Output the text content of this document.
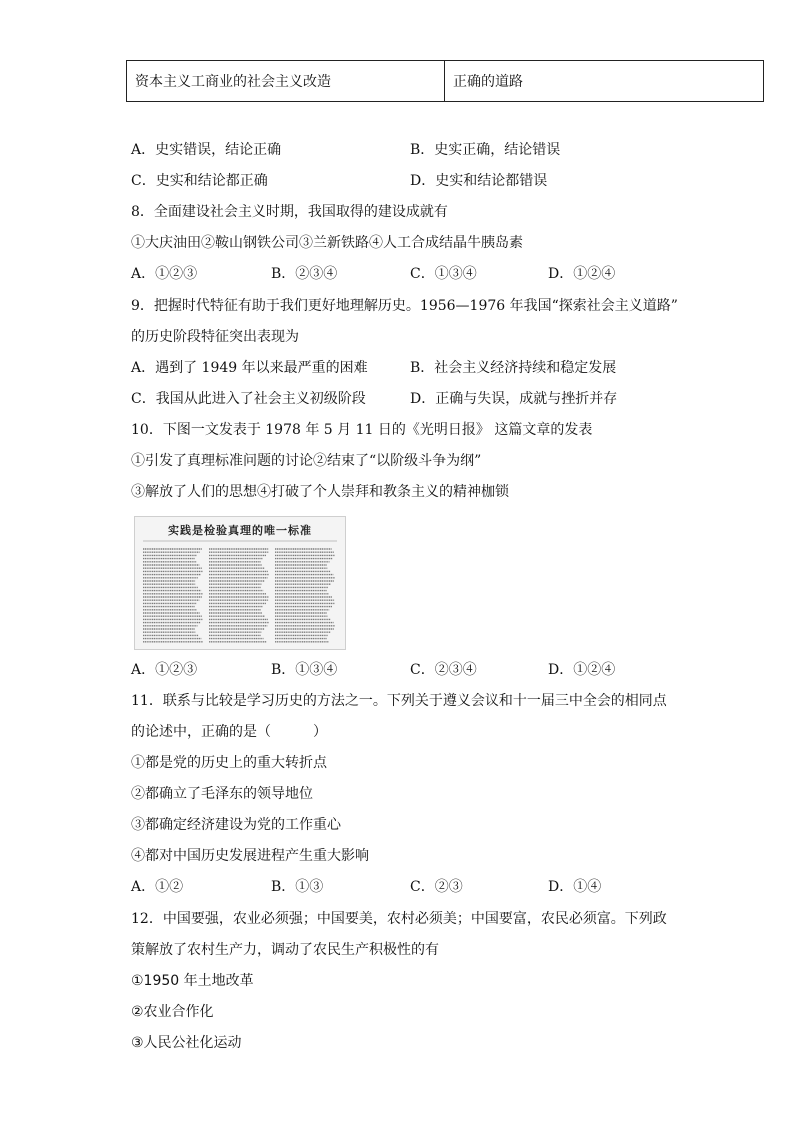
资本主义工商业的社会主义改造	正确的道路
A．史实错误，结论正确	B．史实正确，结论错误
C．史实和结论都正确	D．史实和结论都错误
8．全面建设社会主义时期，我国取得的建设成就有
①大庆油田②鞍山钢铁公司③兰新铁路④人工合成结晶牛胰岛素
A．①②③	B．②③④	C．①③④	D．①②④
9．把握时代特征有助于我们更好地理解历史。1956—1976 年我国“探索社会主义道路”
的历史阶段特征突出表现为
A．遇到了 1949 年以来最严重的困难	B．社会主义经济持续和稳定发展
C．我国从此进入了社会主义初级阶段	D．正确与失误，成就与挫折并存
10．下图一文发表于 1978 年 5 月 11 日的《光明日报》 这篇文章的发表
①引发了真理标准问题的讨论②结束了“以阶级斗争为纲”
③解放了人们的思想④打破了个人崇拜和教条主义的精神枷锁
实践是检验真理的唯一标准
A．①②③	B．①③④	C．②③④	D．①②④
11．联系与比较是学习历史的方法之一。下列关于遵义会议和十一届三中全会的相同点
的论述中，正确的是（　　　）
①都是党的历史上的重大转折点
②都确立了毛泽东的领导地位
③都确定经济建设为党的工作重心
④都对中国历史发展进程产生重大影响
A．①②	B．①③	C．②③	D．①④
12．中国要强，农业必须强；中国要美，农村必须美；中国要富，农民必须富。下列政
策解放了农村生产力，调动了农民生产积极性的有
①1950 年土地改革
②农业合作化
③人民公社化运动
